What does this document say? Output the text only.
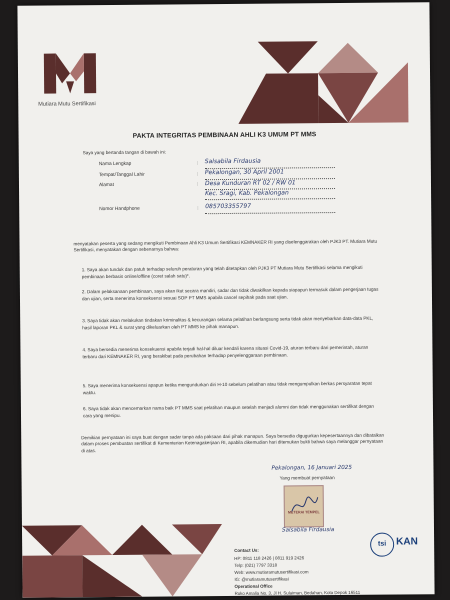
Mutiara Mutu Sertifikasi
PAKTA INTEGRITAS PEMBINAAN AHLI K3 UMUM PT MMS
Saya yang bertanda tangan di bawah ini:
Nama Lengkap	: Salsabila Firdausia
Tempat/Tanggal Lahir	: Pekalongan, 30 April 2001
Alamat	: Desa Kunduran RT 02 / RW 01
Kec. Sragi, Kab. Pekalongan
Nomor Handphone	: 085703355797
menyatakan peserta yang sedang mengikuti Pembinaan Ahli K3 Umum Sertifikasi KEMNAKER RI yang diselenggarakan oleh PJK3 PT. Mutiara Mutu Sertifikasi, menyatakan dengan sebenarnya bahwa:
1. Saya akan tunduk dan patuh terhadap seluruh peraturan yang telah ditetapkan oleh PJK3 PT Mutiara Mutu Sertifikasi selama mengikuti pembinaan berbasis online/offline (coret salah satu)*.
2. Dalam pelaksanaan pembinaan, saya akan ikut secara mandiri, sadar dan tidak diwakilkan kepada siapapun termasuk dalam pengerjaan tugas dan ujian, serta menerima konsekuensi sesuai SOP PT MMS apabila cancel sepihak pada saat ujian.
3. Saya tidak akan melakukan tindakan kriminalitas & kecurangan selama pelatihan berlangsung serta tidak akan menyebarkan data-data PKL, hasil laporan PKL & surat yang dikeluarkan oleh PT MMS ke pihak manapun.
4. Saya bersedia menerima konsekuensi apabila terjadi hal-hal diluar kendali karena situasi Covid-19, aturan terbaru dari pemerintah, aturan terbaru dari KEMNAKER RI, yang berakibat pada perubahan terhadap penyelenggaraan pembinaan.
5. Saya menerima konsekuensi apapun ketika mengundurkan diri H-10 sebelum pelatihan atau tidak mengumpulkan berkas persyaratan tepat waktu.
6. Saya tidak akan mencemarkan nama baik PT MMS saat pelatihan maupun setelah menjadi alumni dan tidak menggunakan sertifikat dengan cara yang menipu.
Demikian pernyataan ini saya buat dengan sadar tanpa ada paksaan dari pihak manapun. Saya bersedia digugurkan kepesertaannya dan dibatalkan dalam proses pembuatan sertifikat di Kementerian Ketenagakerjaan RI, apabila dikemudian hari ditemukan bukti bahwa saya melanggar pernyataan di atas.
Pekalongan, 16 Januari 2025
Yang membuat pernyataan
METERAI TEMPEL
Salsabila Firdausia
Contact Us:
HP: 0811 118 2426 | 0811 919 2426
Telp: (021) 7797 3318
Web: www.mutiaramutusertifikasi.com
IG: @mutiaramutusertifikasi
Operational Office
Ruko Amalia No. 3, Jl H. Sulaiman, Bedahan, Kota Depok 16511
tsi KAN
